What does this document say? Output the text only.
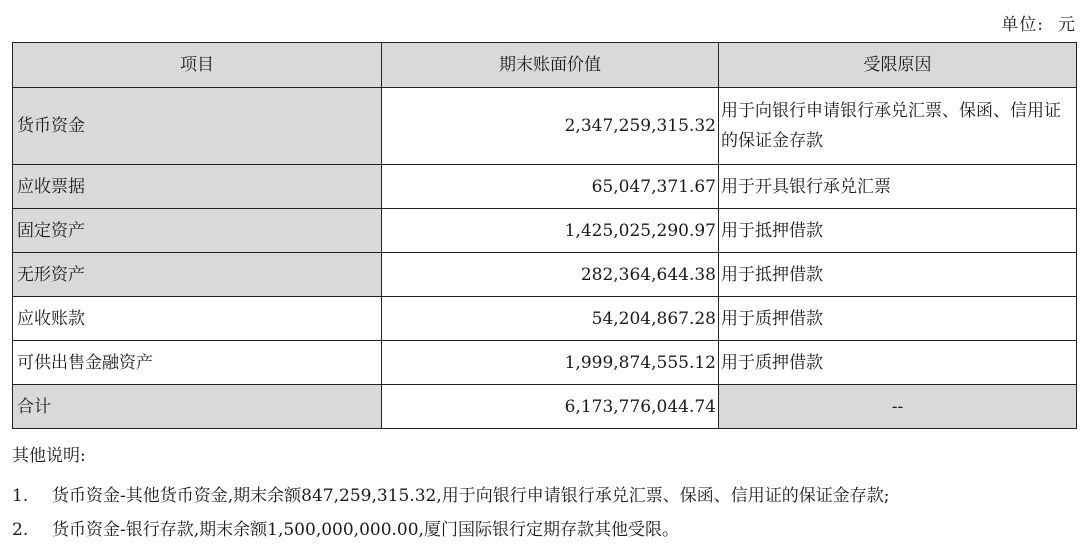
单位: 元
项目	期末账面价值	受限原因
货币资金	2,347,259,315.32	用于向银行申请银行承兑汇票、保函、信用证的保证金存款
应收票据	65,047,371.67	用于开具银行承兑汇票
固定资产	1,425,025,290.97	用于抵押借款
无形资产	282,364,644.38	用于抵押借款
应收账款	54,204,867.28	用于质押借款
可供出售金融资产	1,999,874,555.12	用于质押借款
合计	6,173,776,044.74	--
其他说明:
1.	货币资金-其他货币资金,期末余额847,259,315.32,用于向银行申请银行承兑汇票、保函、信用证的保证金存款;
2.	货币资金-银行存款,期末余额1,500,000,000.00,厦门国际银行定期存款其他受限。
